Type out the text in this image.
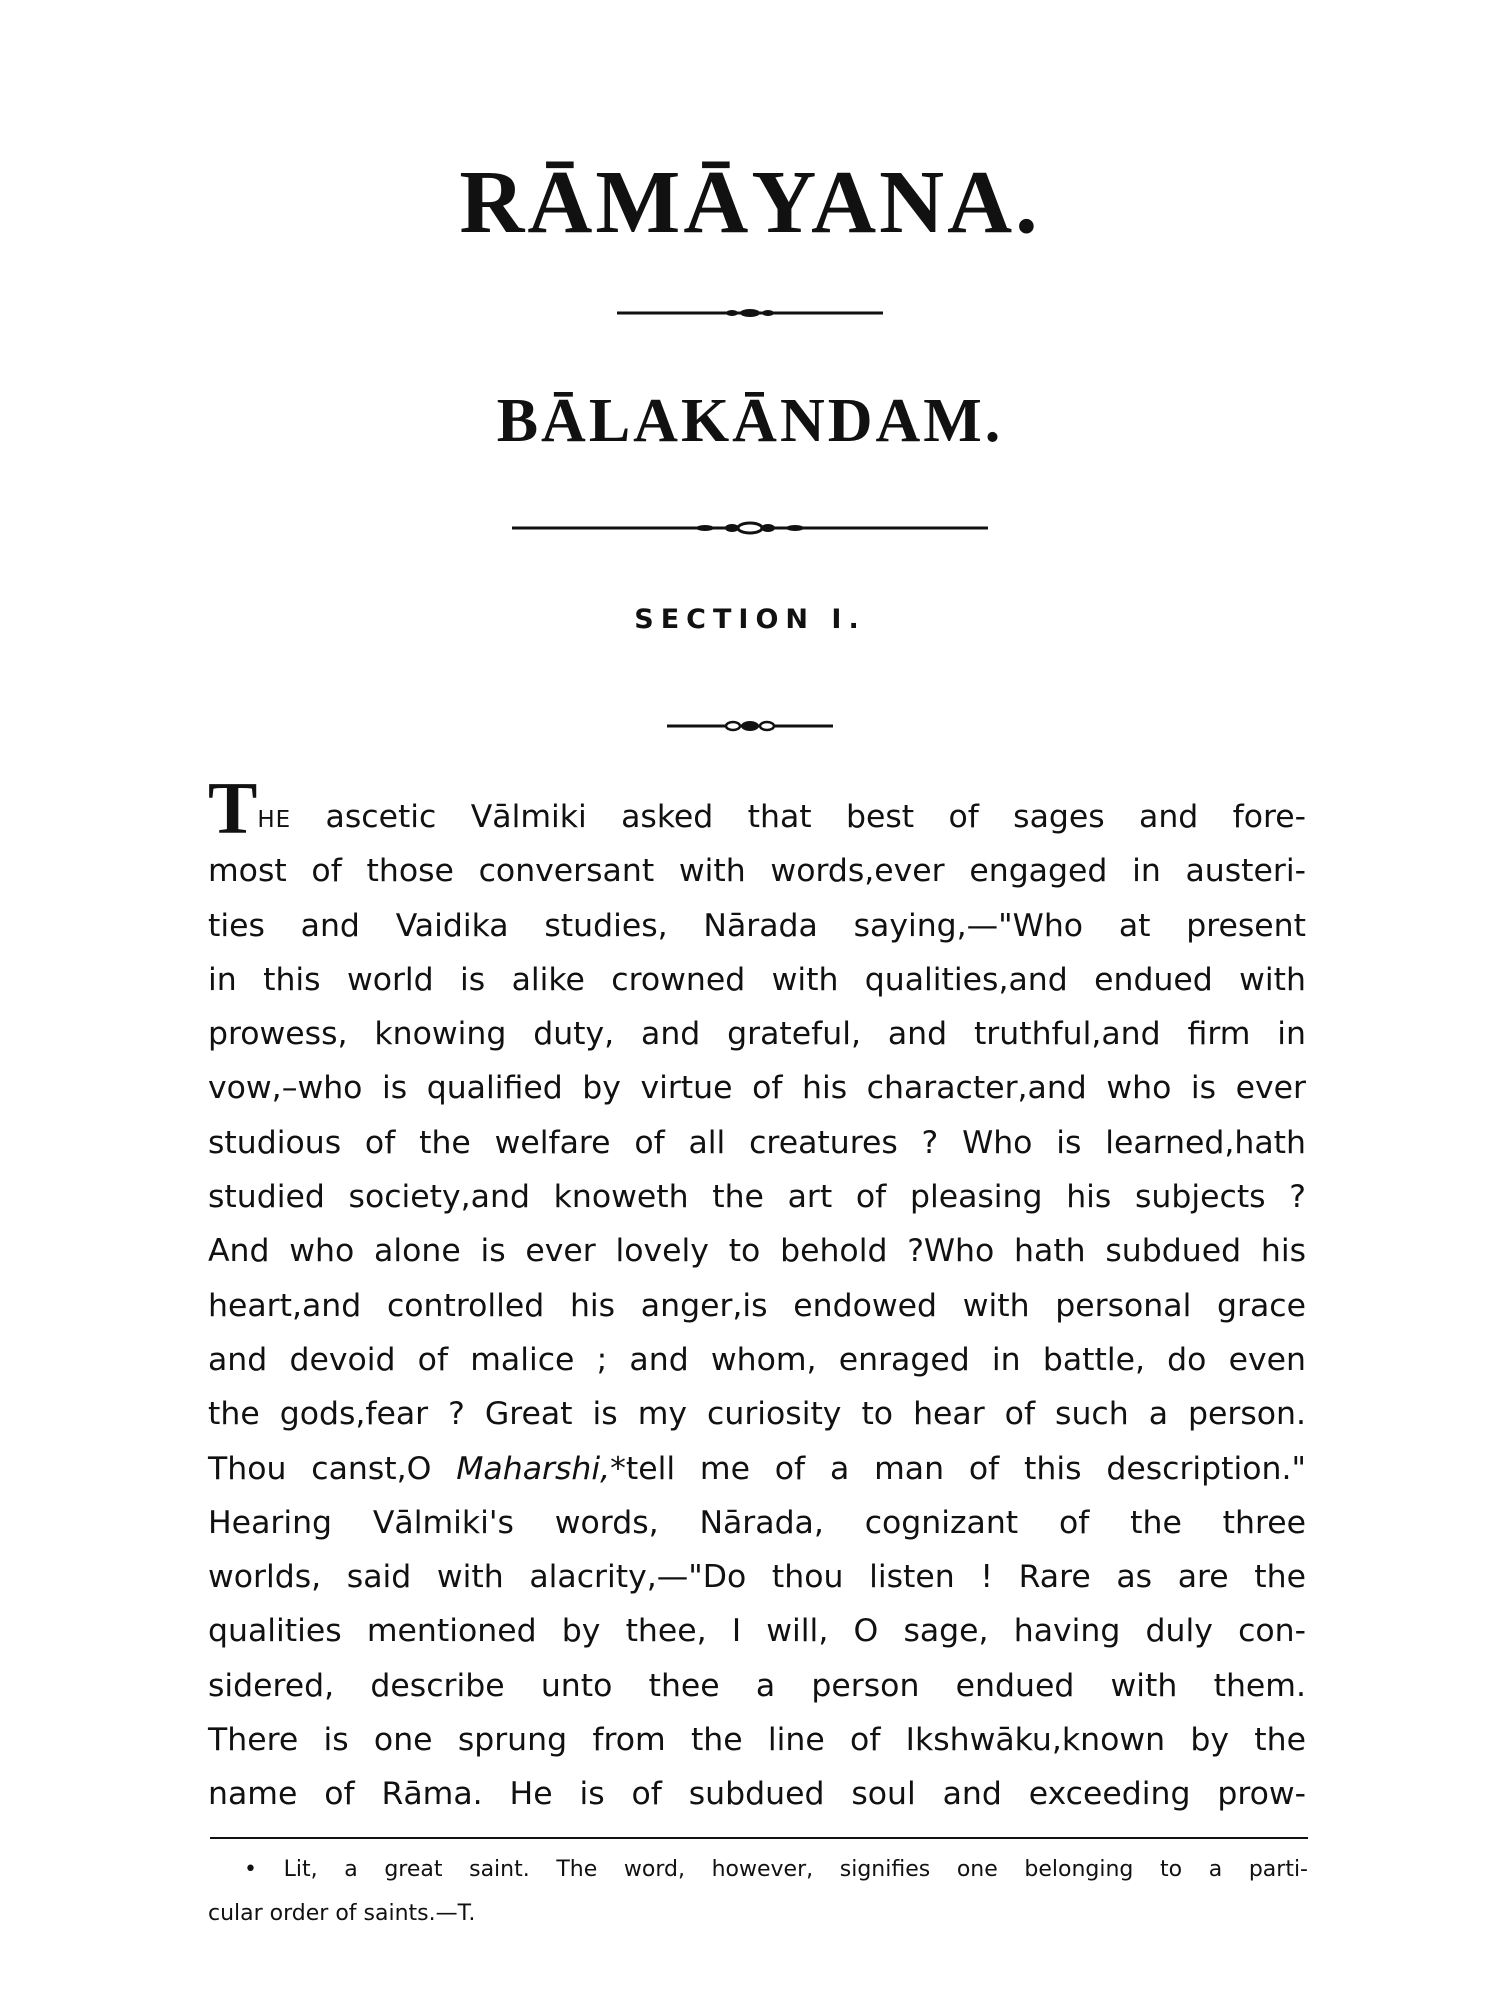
RĀMĀYANA.
BĀLAKĀNDAM.
SECTION I.
THE ascetic Vālmiki asked that best of sages and fore-
most of those conversant with words,ever engaged in austeri-
ties and Vaidika studies, Nārada saying,—"Who at present
in this world is alike crowned with qualities,and endued with
prowess, knowing duty, and grateful, and truthful,and firm in
vow,–who is qualified by virtue of his character,and who is ever
studious of the welfare of all creatures ? Who is learned,hath
studied society,and knoweth the art of pleasing his subjects ?
And who alone is ever lovely to behold ?Who hath subdued his
heart,and controlled his anger,is endowed with personal grace
and devoid of malice ; and whom, enraged in battle, do even
the gods,fear ? Great is my curiosity to hear of such a person.
Thou canst,O Maharshi,*tell me of a man of this description."
Hearing Vālmiki's words, Nārada, cognizant of the three
worlds, said with alacrity,—"Do thou listen ! Rare as are the
qualities mentioned by thee, I will, O sage, having duly con-
sidered, describe unto thee a person endued with them.
There is one sprung from the line of Ikshwāku,known by the
name of Rāma. He is of subdued soul and exceeding prow-
• Lit, a great saint. The word, however, signifies one belonging to a parti-
cular order of saints.—T.
